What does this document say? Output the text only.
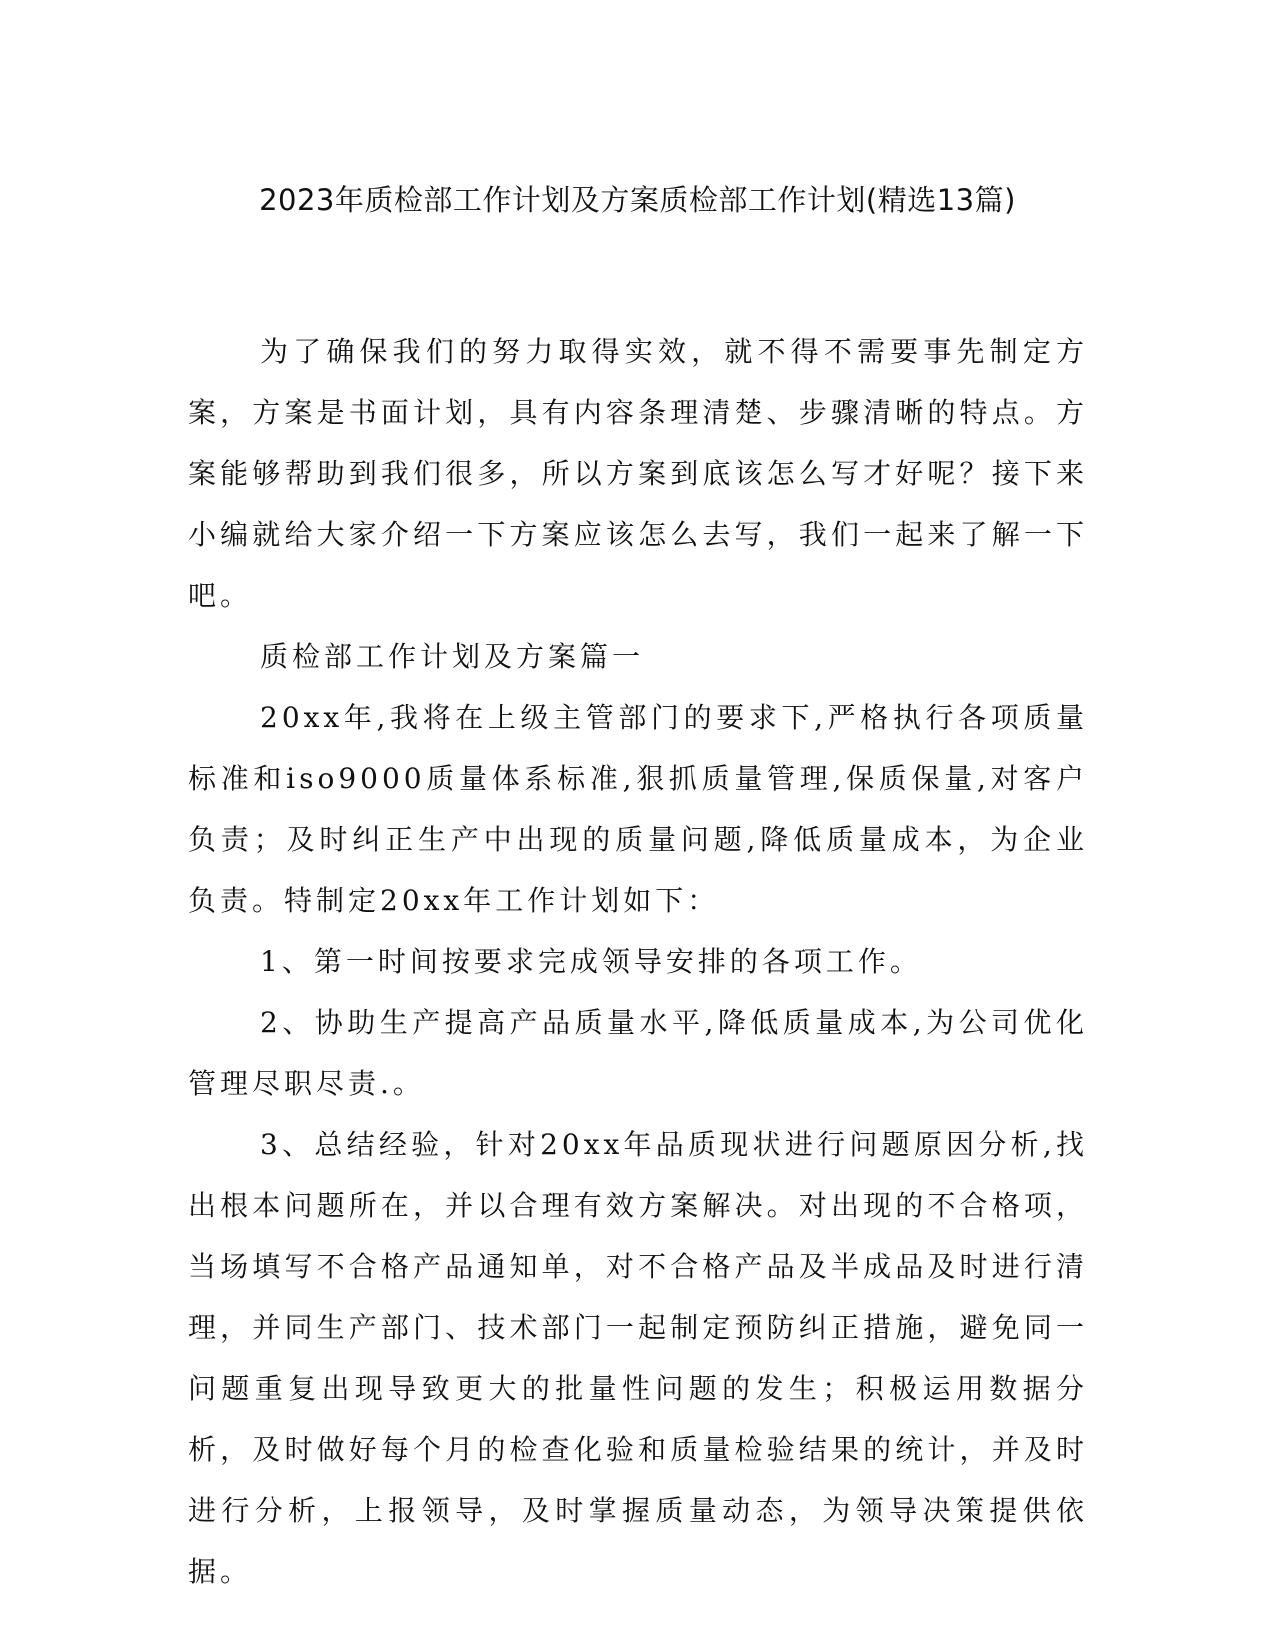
2023年质检部工作计划及方案质检部工作计划(精选13篇)

为了确保我们的努力取得实效，就不得不需要事先制定方案，方案是书面计划，具有内容条理清楚、步骤清晰的特点。方案能够帮助到我们很多，所以方案到底该怎么写才好呢？接下来小编就给大家介绍一下方案应该怎么去写，我们一起来了解一下吧。

质检部工作计划及方案篇一

20xx年,我将在上级主管部门的要求下,严格执行各项质量标准和iso9000质量体系标准,狠抓质量管理,保质保量,对客户负责；及时纠正生产中出现的质量问题,降低质量成本，为企业负责。特制定20xx年工作计划如下：

1、第一时间按要求完成领导安排的各项工作。

2、协助生产提高产品质量水平,降低质量成本,为公司优化管理尽职尽责.。

3、总结经验，针对20xx年品质现状进行问题原因分析,找出根本问题所在，并以合理有效方案解决。对出现的不合格项，当场填写不合格产品通知单，对不合格产品及半成品及时进行清理，并同生产部门、技术部门一起制定预防纠正措施，避免同一问题重复出现导致更大的批量性问题的发生；积极运用数据分析，及时做好每个月的检查化验和质量检验结果的统计，并及时进行分析，上报领导，及时掌握质量动态，为领导决策提供依据。
